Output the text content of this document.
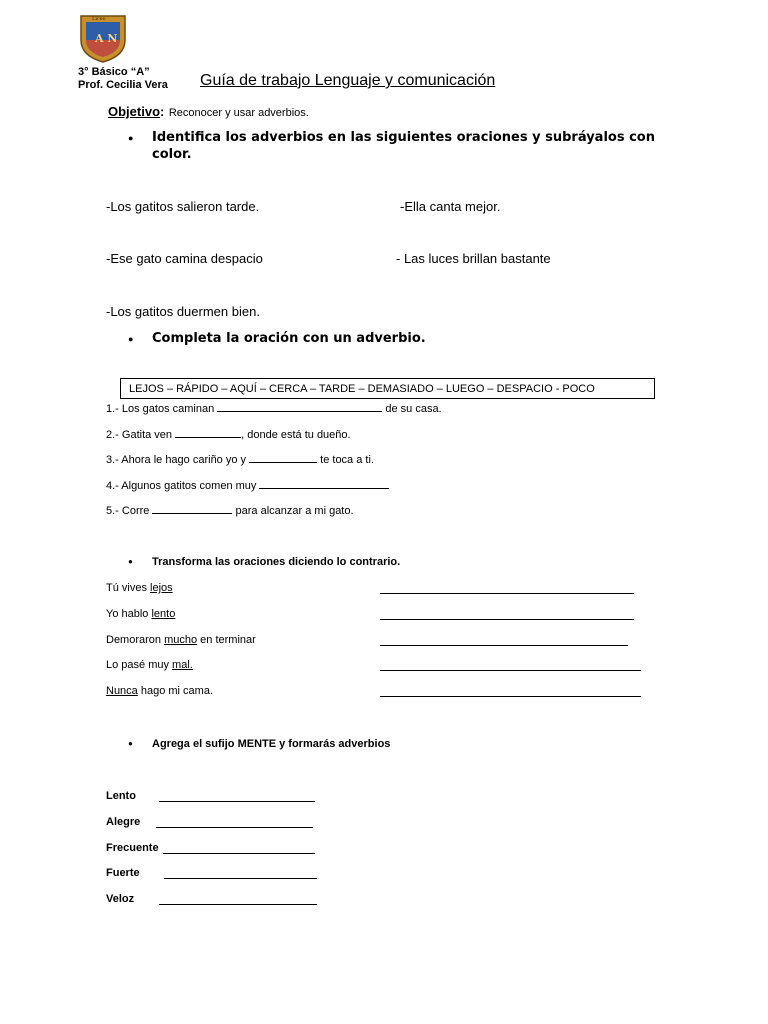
A N
Liceo
3° Básico “A”
Prof. Cecilia Vera Guía de trabajo Lenguaje y comunicación
Objetivo: Reconocer y usar adverbios.
● Identifica los adverbios en las siguientes oraciones y subráyalos con
color.
-Los gatitos salieron tarde.	-Ella canta mejor.
-Ese gato camina despacio	- Las luces brillan bastante
-Los gatitos duermen bien.
● Completa la oración con un adverbio.
LEJOS – RÁPIDO – AQUÍ – CERCA – TARDE – DEMASIADO – LUEGO – DESPACIO - POCO
1.- Los gatos caminan	de su casa.
2.- Gatita ven	, donde está tu dueño.
3.- Ahora le hago cariño yo y	te toca a ti.
4.- Algunos gatitos comen muy
5.- Corre	para alcanzar a mi gato.
● Transforma las oraciones diciendo lo contrario.
Tú vives lejos
Yo hablo lento
Demoraron mucho en terminar
Lo pasé muy mal.
Nunca hago mi cama.
● Agrega el sufijo MENTE y formarás adverbios
Lento
Alegre
Frecuente
Fuerte
Veloz
